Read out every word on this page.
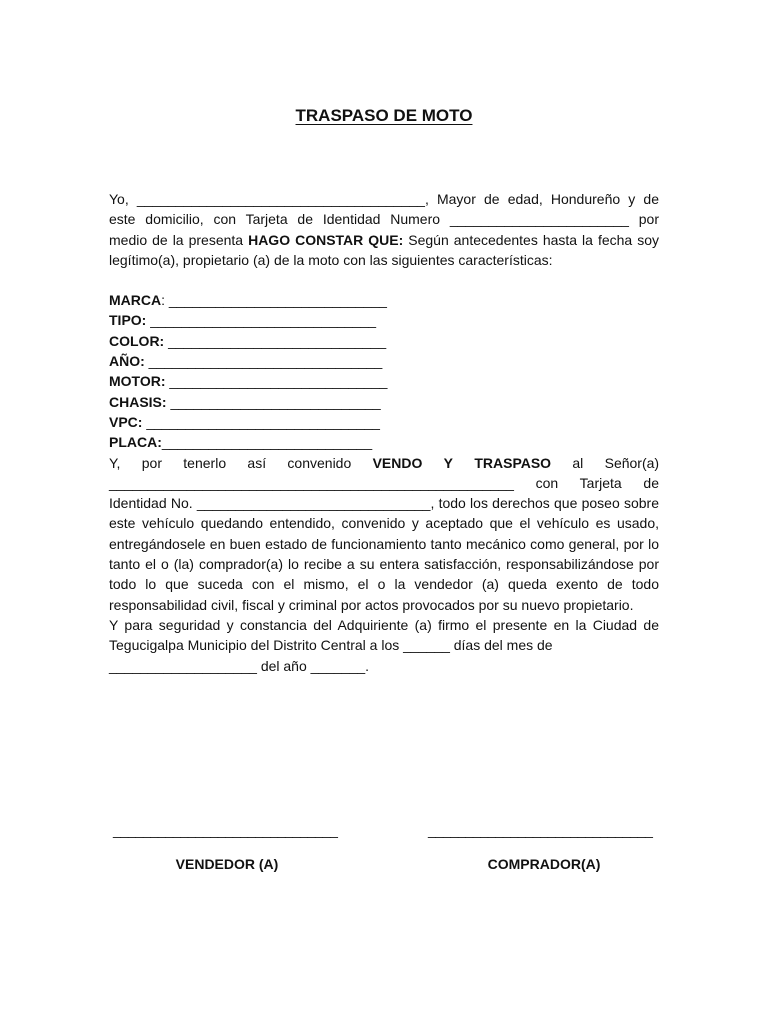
TRASPASO DE MOTO
Yo, _____________________________________, Mayor de edad, Hondureño y de
este domicilio, con Tarjeta de Identidad Numero _______________________ por
medio de la presenta HAGO CONSTAR QUE: Según antecedentes hasta la fecha soy
legítimo(a), propietario (a) de la moto con las siguientes características:
MARCA: ____________________________
TIPO: _____________________________
COLOR: ____________________________
AÑO: ______________________________
MOTOR: ____________________________
CHASIS: ___________________________
VPC: ______________________________
PLACA:___________________________
Y, por tenerlo así convenido VENDO Y TRASPASO al Señor(a)
____________________________________________________ con Tarjeta de
Identidad No. ______________________________, todo los derechos que poseo sobre
este vehículo quedando entendido, convenido y aceptado que el vehículo es usado,
entregándosele en buen estado de funcionamiento tanto mecánico como general, por lo
tanto el o (la) comprador(a) lo recibe a su entera satisfacción, responsabilizándose por
todo lo que suceda con el mismo, el o la vendedor (a) queda exento de todo
responsabilidad civil, fiscal y criminal por actos provocados por su nuevo propietario.
Y para seguridad y constancia del Adquiriente (a) firmo el presente en la Ciudad de
Tegucigalpa Municipio del Distrito Central a los ______ días del mes de
___________________ del año _______.
______________________________
VENDEDOR (A)
______________________________
COMPRADOR(A)
